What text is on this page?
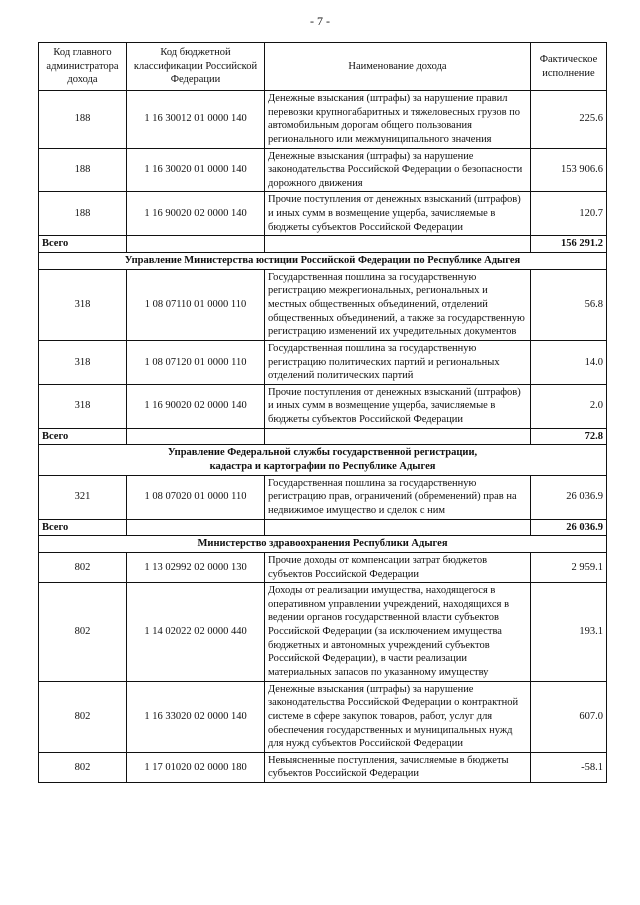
- 7 -
Код главного администратора дохода	Код бюджетной классификации Российской Федерации	Наименование дохода	Фактическое исполнение
188	1 16 30012 01 0000 140	Денежные взыскания (штрафы) за нарушение правил перевозки крупногабаритных и тяжеловесных грузов по автомобильным дорогам общего пользования регионального или межмуниципального значения	225.6
188	1 16 30020 01 0000 140	Денежные взыскания (штрафы) за нарушение законодательства Российской Федерации о безопасности дорожного движения	153 906.6
188	1 16 90020 02 0000 140	Прочие поступления от денежных взысканий (штрафов) и иных сумм в возмещение ущерба, зачисляемые в бюджеты субъектов Российской Федерации	120.7
Всего			156 291.2
Управление Министерства юстиции Российской Федерации по Республике Адыгея			
318	1 08 07110 01 0000 110	Государственная пошлина за государственную регистрацию межрегиональных, региональных и местных общественных объединений, отделений общественных объединений, а также за государственную регистрацию изменений их учредительных документов	56.8
318	1 08 07120 01 0000 110	Государственная пошлина за государственную регистрацию политических партий и региональных отделений политических партий	14.0
318	1 16 90020 02 0000 140	Прочие поступления от денежных взысканий (штрафов) и иных сумм в возмещение ущерба, зачисляемые в бюджеты субъектов Российской Федерации	2.0
Всего			72.8

Управление Федеральной службы государственной регистрации,
кадастра и картографии по Республике Адыгея			

321	1 08 07020 01 0000 110	Государственная пошлина за государственную регистрацию прав, ограничений (обременений) прав на недвижимое имущество и сделок с ним	26 036.9
Всего			26 036.9
Министерство здравоохранения Республики Адыгея			
802	1 13 02992 02 0000 130	Прочие доходы от компенсации затрат бюджетов субъектов Российской Федерации	2 959.1
802	1 14 02022 02 0000 440	Доходы от реализации имущества, находящегося в оперативном управлении учреждений, находящихся в ведении органов государственной власти субъектов Российской Федерации (за исключением имущества бюджетных и автономных учреждений субъектов Российской Федерации), в части реализации материальных запасов по указанному имуществу	193.1
802	1 16 33020 02 0000 140	Денежные взыскания (штрафы) за нарушение законодательства Российской Федерации о контрактной системе в сфере закупок товаров, работ, услуг для обеспечения государственных и муниципальных нужд для нужд субъектов Российской Федерации	607.0
802	1 17 01020 02 0000 180	Невыясненные поступления, зачисляемые в бюджеты субъектов Российской Федерации	-58.1
